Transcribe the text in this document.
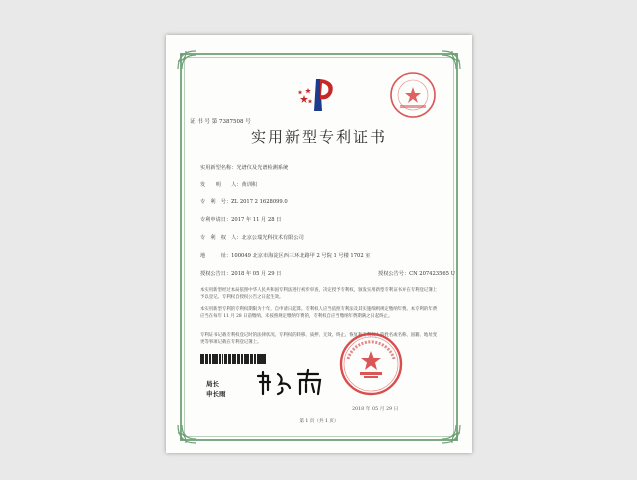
证 书 号 第 7387508 号
实用新型专利证书
实用新型名称：光谱仪及光谱检测系统
发　　明　　人：黄训积
专　利　号：ZL 2017 2 1628099.0
专利申请日：2017 年 11 月 28 日
专　利　权　人：北京公瑞光科技术有限公司
地　　　址：100049 北京市海淀区西三环北路甲 2 号院 1 号楼 1702 室
授权公告日：2018 年 05 月 29 日	授权公告号：CN 207423565 U
本实用新型经过本局依照中华人民共和国专利法进行初步审查，决定授予专利权，颁发实用新型专利证书并在专利登记簿上予以登记。专利权自授权公告之日起生效。
本实用新型专利的专利权期限为十年，自申请日起算。专利权人应当依照专利法及其实施细则规定缴纳年费。本专利的年费应当在每年 11 月 28 日前缴纳。未按照规定缴纳年费的，专利权自应当缴纳年费期满之日起终止。
专利证书记载专利权登记时的法律状况。专利权的转移、质押、无效、终止、恢复和专利权人的姓名或名称、国籍、地址变更等事项记载在专利登记簿上。
局长
申长雨
2018 年 05 月 29 日
第 1 页（共 1 页）
